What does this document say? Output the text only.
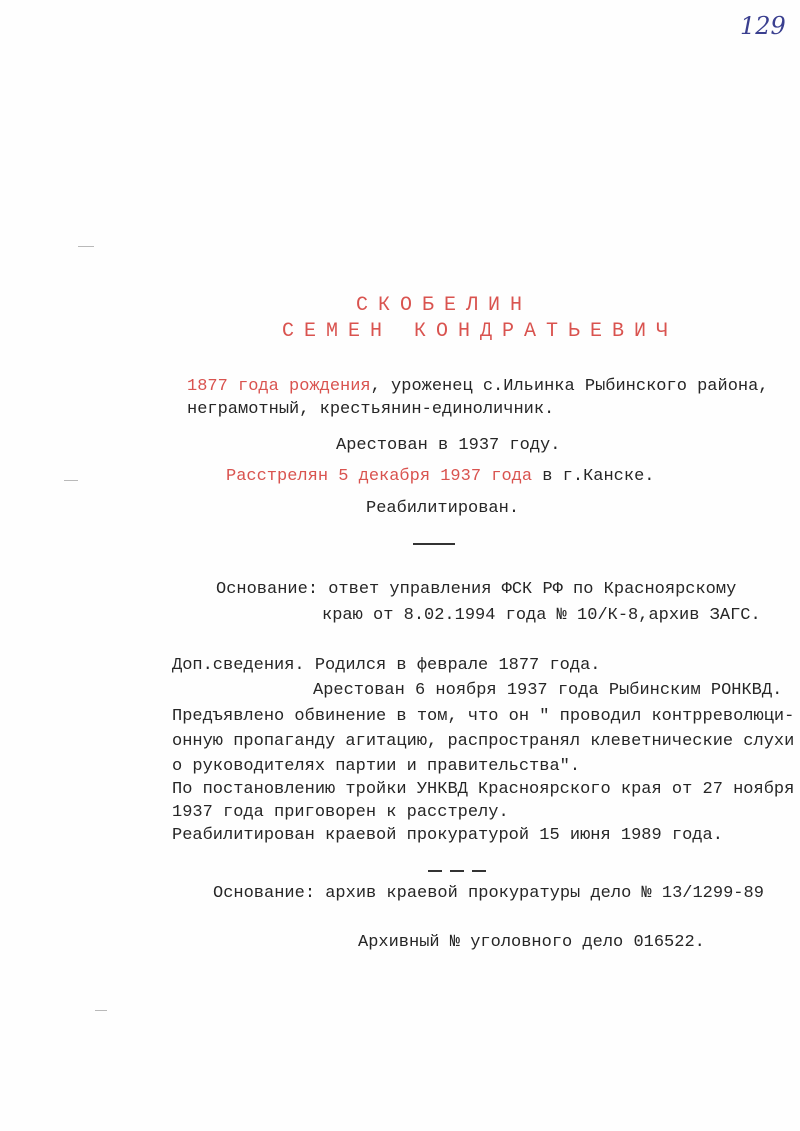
129
СКОБЕЛИН
СЕМЕН КОНДРАТЬЕВИЧ
1877 года рождения, уроженец с.Ильинка Рыбинского района,
неграмотный, крестьянин-единоличник.
Арестован в 1937 году.
Расстрелян 5 декабря 1937 года в г.Канске.
Реабилитирован.
Основание: ответ управления ФСК РФ по Красноярскому
краю от 8.02.1994 года № 10/К-8,архив ЗАГС.
Доп.сведения. Родился в феврале 1877 года.
Арестован 6 ноября 1937 года Рыбинским РОНКВД.
Предъявлено обвинение в том, что он " проводил контрреволюци-
онную пропаганду агитацию, распространял клеветнические слухи
о руководителях партии и правительства".
По постановлению тройки УНКВД Красноярского края от 27 ноября
1937 года приговорен к расстрелу.
Реабилитирован краевой прокуратурой 15 июня 1989 года.
Основание: архив краевой прокуратуры дело № 13/1299-89
Архивный № уголовного дело 016522.
